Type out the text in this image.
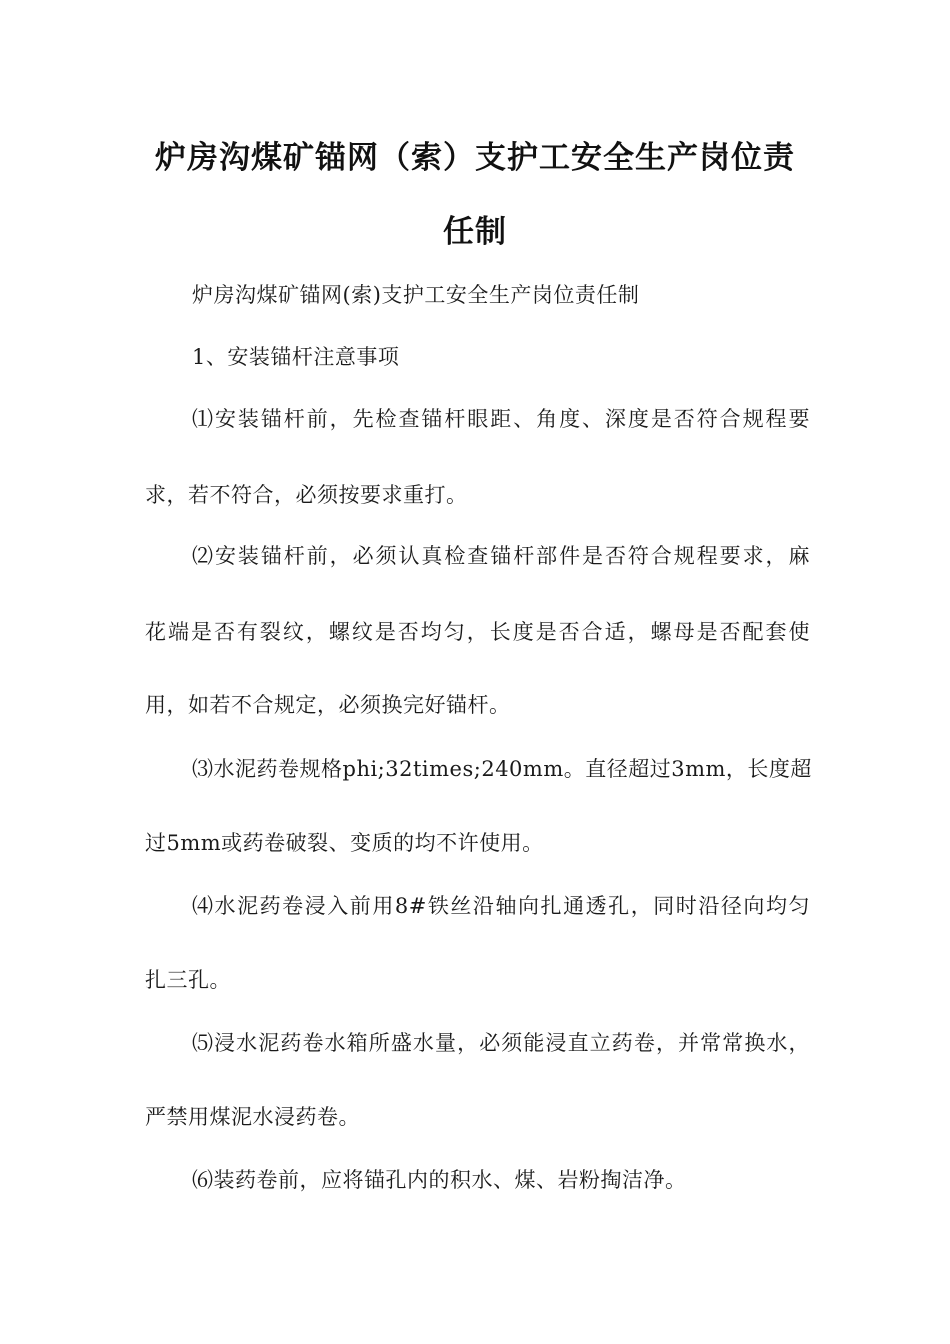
炉房沟煤矿锚网（索）支护工安全生产岗位责
任制
炉房沟煤矿锚网(索)支护工安全生产岗位责任制
1、安装锚杆注意事项
⑴安装锚杆前，先检查锚杆眼距、角度、深度是否符合规程要
求，若不符合，必须按要求重打。
⑵安装锚杆前，必须认真检查锚杆部件是否符合规程要求，麻
花端是否有裂纹，螺纹是否均匀，长度是否合适，螺母是否配套使
用，如若不合规定，必须换完好锚杆。
⑶水泥药卷规格phi;32times;240mm。直径超过3mm，长度超
过5mm或药卷破裂、变质的均不许使用。
⑷水泥药卷浸入前用8#铁丝沿轴向扎通透孔，同时沿径向均匀
扎三孔。
⑸浸水泥药卷水箱所盛水量，必须能浸直立药卷，并常常换水，
严禁用煤泥水浸药卷。
⑹装药卷前，应将锚孔内的积水、煤、岩粉掏洁净。
